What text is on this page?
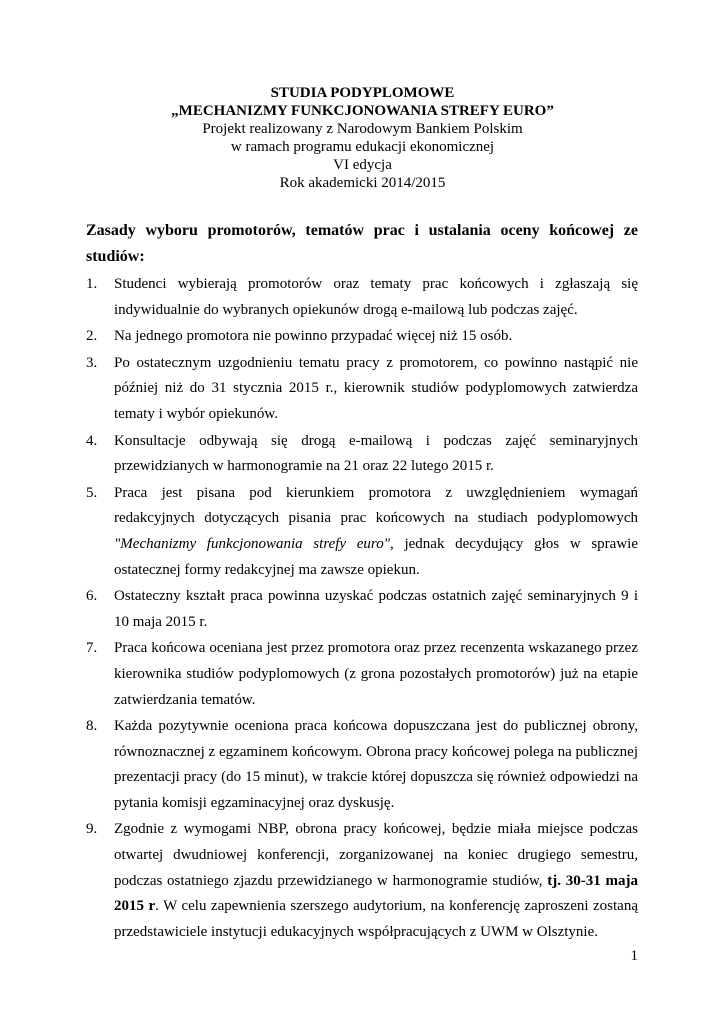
STUDIA PODYPLOMOWE
„MECHANIZMY FUNKCJONOWANIA STREFY EURO”
Projekt realizowany z Narodowym Bankiem Polskim
w ramach programu edukacji ekonomicznej
VI edycja
Rok akademicki 2014/2015
Zasady wyboru promotorów, tematów prac i ustalania oceny końcowej ze studiów:
1. Studenci wybierają promotorów oraz tematy prac końcowych i zgłaszają się indywidualnie do wybranych opiekunów drogą e-mailową lub podczas zajęć.
2. Na jednego promotora nie powinno przypadać więcej niż 15 osób.
3. Po ostatecznym uzgodnieniu tematu pracy z promotorem, co powinno nastąpić nie później niż do 31 stycznia 2015 r., kierownik studiów podyplomowych zatwierdza tematy i wybór opiekunów.
4. Konsultacje odbywają się drogą e-mailową i podczas zajęć seminaryjnych przewidzianych w harmonogramie na 21 oraz 22 lutego 2015 r.
5. Praca jest pisana pod kierunkiem promotora z uwzględnieniem wymagań redakcyjnych dotyczących pisania prac końcowych na studiach podyplomowych "Mechanizmy funkcjonowania strefy euro", jednak decydujący głos w sprawie ostatecznej formy redakcyjnej ma zawsze opiekun.
6. Ostateczny kształt praca powinna uzyskać podczas ostatnich zajęć seminaryjnych 9 i 10 maja 2015 r.
7. Praca końcowa oceniana jest przez promotora oraz przez recenzenta wskazanego przez kierownika studiów podyplomowych (z grona pozostałych promotorów) już na etapie zatwierdzania tematów.
8. Każda pozytywnie oceniona praca końcowa dopuszczana jest do publicznej obrony, równoznacznej z egzaminem końcowym. Obrona pracy końcowej polega na publicznej prezentacji pracy (do 15 minut), w trakcie której dopuszcza się również odpowiedzi na pytania komisji egzaminacyjnej oraz dyskusję.
9. Zgodnie z wymogami NBP, obrona pracy końcowej, będzie miała miejsce podczas otwartej dwudniowej konferencji, zorganizowanej na koniec drugiego semestru, podczas ostatniego zjazdu przewidzianego w harmonogramie studiów, tj. 30-31 maja 2015 r. W celu zapewnienia szerszego audytorium, na konferencję zaproszeni zostaną przedstawiciele instytucji edukacyjnych współpracujących z UWM w Olsztynie.
1
